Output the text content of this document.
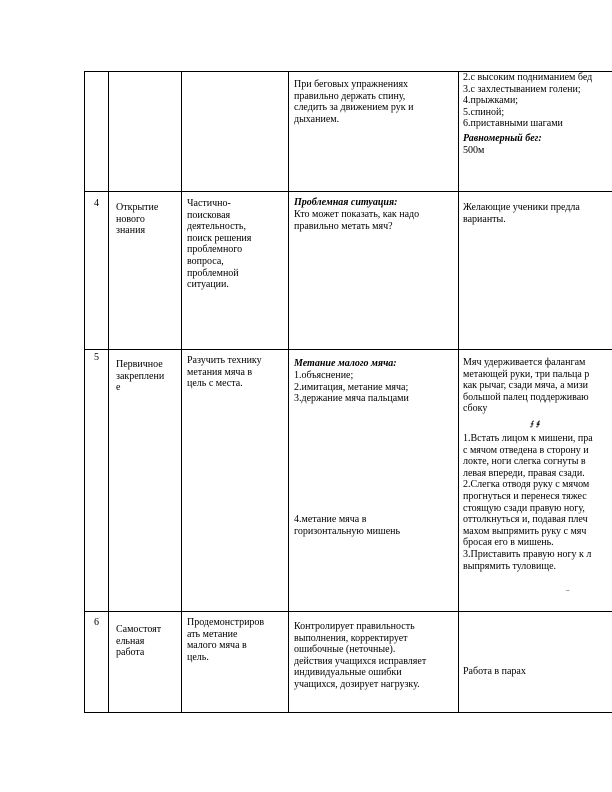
При беговых упражнениях
правильно держать спину,
следить за движением рук и
дыханием.
2.с высоким подниманием бед
3.с захлестыванием голени;
4.прыжками;
5.спиной;
6.приставными шагами
Равномерный бег:
500м
4 Открытие
нового
знания
Частично-
поисковая
деятельность,
поиск решения
проблемного
вопроса,
проблемной
ситуации.
Проблемная ситуация:
Кто может показать, как надо
правильно метать мяч?
Желающие ученики предла
варианты.
5
Первичное
закреплени
е
Разучить технику
метания мяча в
цель с места.
Метание малого мяча:
1.объяснение;
2.имитация, метание мяча;
3.держание мяча пальцами
4.метание мяча в
горизонтальную мишень
Мяч удерживается фалангам
метающей руки, три пальца р
как рычаг, сзади мяча, а мизи
большой палец поддерживаю
сбоку
⨍ ⨎
1.Встать лицом к мишени, пра
с мячом отведена в сторону и
локте, ноги слегка согнуты в
левая впереди, правая сзади.
2.Слегка отводя руку с мячом
прогнуться и перенеся тяжес
стоящую сзади правую ногу,
оттолкнуться и, подавая плеч
махом выпрямить руку с мяч
бросая его в мишень.
3.Приставить правую ногу к л
выпрямить туловище.
–
6
Самостоят
ельная
работа
Продемонстриров
ать метание
малого мяча в
цель.
Контролирует правильность
выполнения, корректирует
ошибочные (неточные).
действия учащихся исправляет
индивидуальные ошибки
учащихся, дозирует нагрузку.
Работа в парах
